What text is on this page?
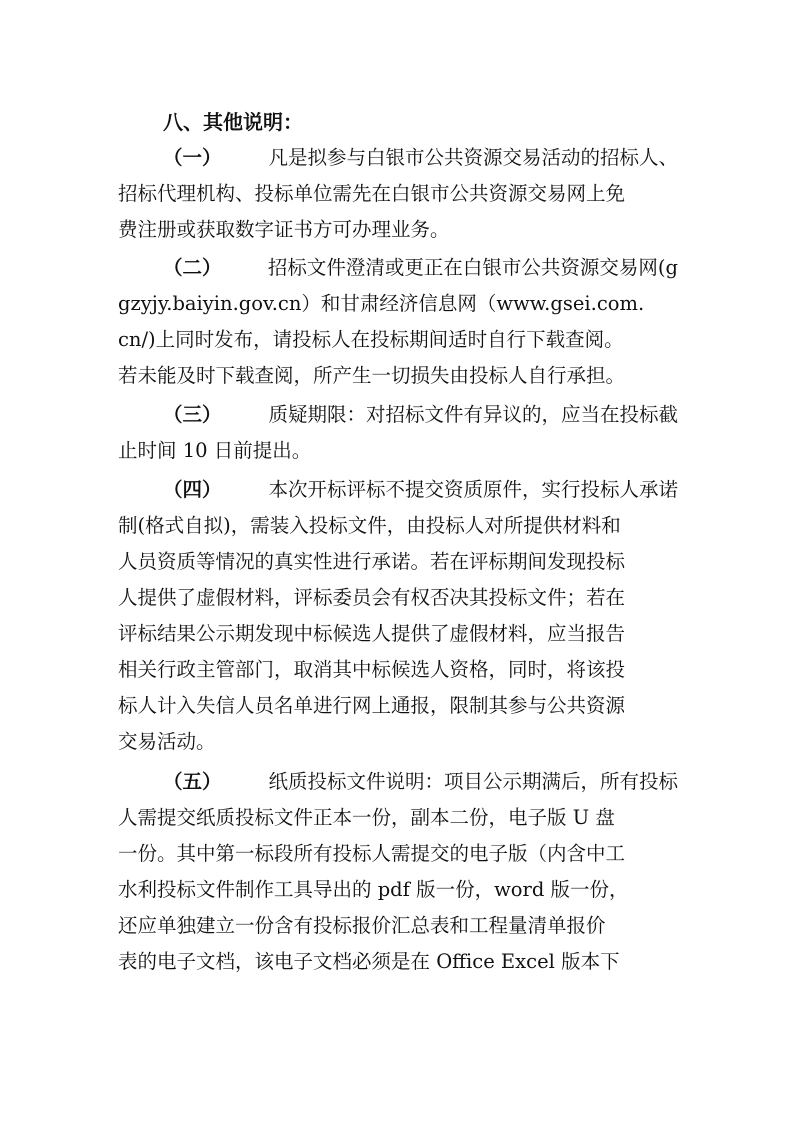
八、其他说明：
（一） 凡是拟参与白银市公共资源交易活动的招标人、
招标代理机构、投标单位需先在白银市公共资源交易网上免
费注册或获取数字证书方可办理业务。
（二） 招标文件澄清或更正在白银市公共资源交易网(g
gzyjy.baiyin.gov.cn）和甘肃经济信息网（www.gsei.com.
cn/)上同时发布，请投标人在投标期间适时自行下载查阅。
若未能及时下载查阅，所产生一切损失由投标人自行承担。
（三） 质疑期限：对招标文件有异议的，应当在投标截
止时间 10 日前提出。
（四） 本次开标评标不提交资质原件，实行投标人承诺
制(格式自拟)，需装入投标文件，由投标人对所提供材料和
人员资质等情况的真实性进行承诺。若在评标期间发现投标
人提供了虚假材料，评标委员会有权否决其投标文件；若在
评标结果公示期发现中标候选人提供了虚假材料，应当报告
相关行政主管部门，取消其中标候选人资格，同时，将该投
标人计入失信人员名单进行网上通报，限制其参与公共资源
交易活动。
（五） 纸质投标文件说明：项目公示期满后，所有投标
人需提交纸质投标文件正本一份，副本二份，电子版 U 盘
一份。其中第一标段所有投标人需提交的电子版（内含中工
水利投标文件制作工具导出的 pdf 版一份，word 版一份，
还应单独建立一份含有投标报价汇总表和工程量清单报价
表的电子文档，该电子文档必须是在 Office Excel 版本下
